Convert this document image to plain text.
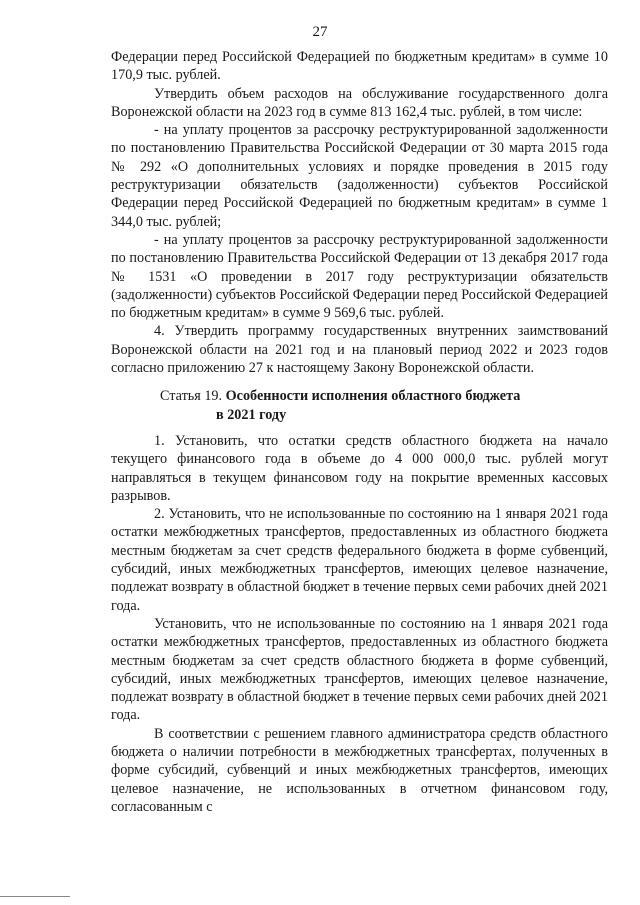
27

Федерации перед Российской Федерацией по бюджетным кредитам» в сумме 10 170,9 тыс. рублей.

Утвердить объем расходов на обслуживание государственного долга Воронежской области на 2023 год в сумме 813 162,4 тыс. рублей, в том числе:

- на уплату процентов за рассрочку реструктурированной задолженности по постановлению Правительства Российской Федерации от 30 марта 2015 года № 292 «О дополнительных условиях и порядке проведения в 2015 году реструктуризации обязательств (задолженности) субъектов Российской Федерации перед Российской Федерацией по бюджетным кредитам» в сумме 1 344,0 тыс. рублей;

- на уплату процентов за рассрочку реструктурированной задолженности по постановлению Правительства Российской Федерации от 13 декабря 2017 года № 1531 «О проведении в 2017 году реструктуризации обязательств (задолженности) субъектов Российской Федерации перед Российской Федерацией по бюджетным кредитам» в сумме 9 569,6 тыс. рублей.

4. Утвердить программу государственных внутренних заимствований Воронежской области на 2021 год и на плановый период 2022 и 2023 годов согласно приложению 27 к настоящему Закону Воронежской области.

Статья 19. Особенности исполнения областного бюджета
в 2021 году

1. Установить, что остатки средств областного бюджета на начало текущего финансового года в объеме до 4 000 000,0 тыс. рублей могут направляться в текущем финансовом году на покрытие временных кассовых разрывов.

2. Установить, что не использованные по состоянию на 1 января 2021 года остатки межбюджетных трансфертов, предоставленных из областного бюджета местным бюджетам за счет средств федерального бюджета в форме субвенций, субсидий, иных межбюджетных трансфертов, имеющих целевое назначение, подлежат возврату в областной бюджет в течение первых семи рабочих дней 2021 года.

Установить, что не использованные по состоянию на 1 января 2021 года остатки межбюджетных трансфертов, предоставленных из областного бюджета местным бюджетам за счет средств областного бюджета в форме субвенций, субсидий, иных межбюджетных трансфертов, имеющих целевое назначение, подлежат возврату в областной бюджет в течение первых семи рабочих дней 2021 года.

В соответствии с решением главного администратора средств областного бюджета о наличии потребности в межбюджетных трансфертах, полученных в форме субсидий, субвенций и иных межбюджетных трансфертов, имеющих целевое назначение, не использованных в отчетном финансовом году, согласованным с
